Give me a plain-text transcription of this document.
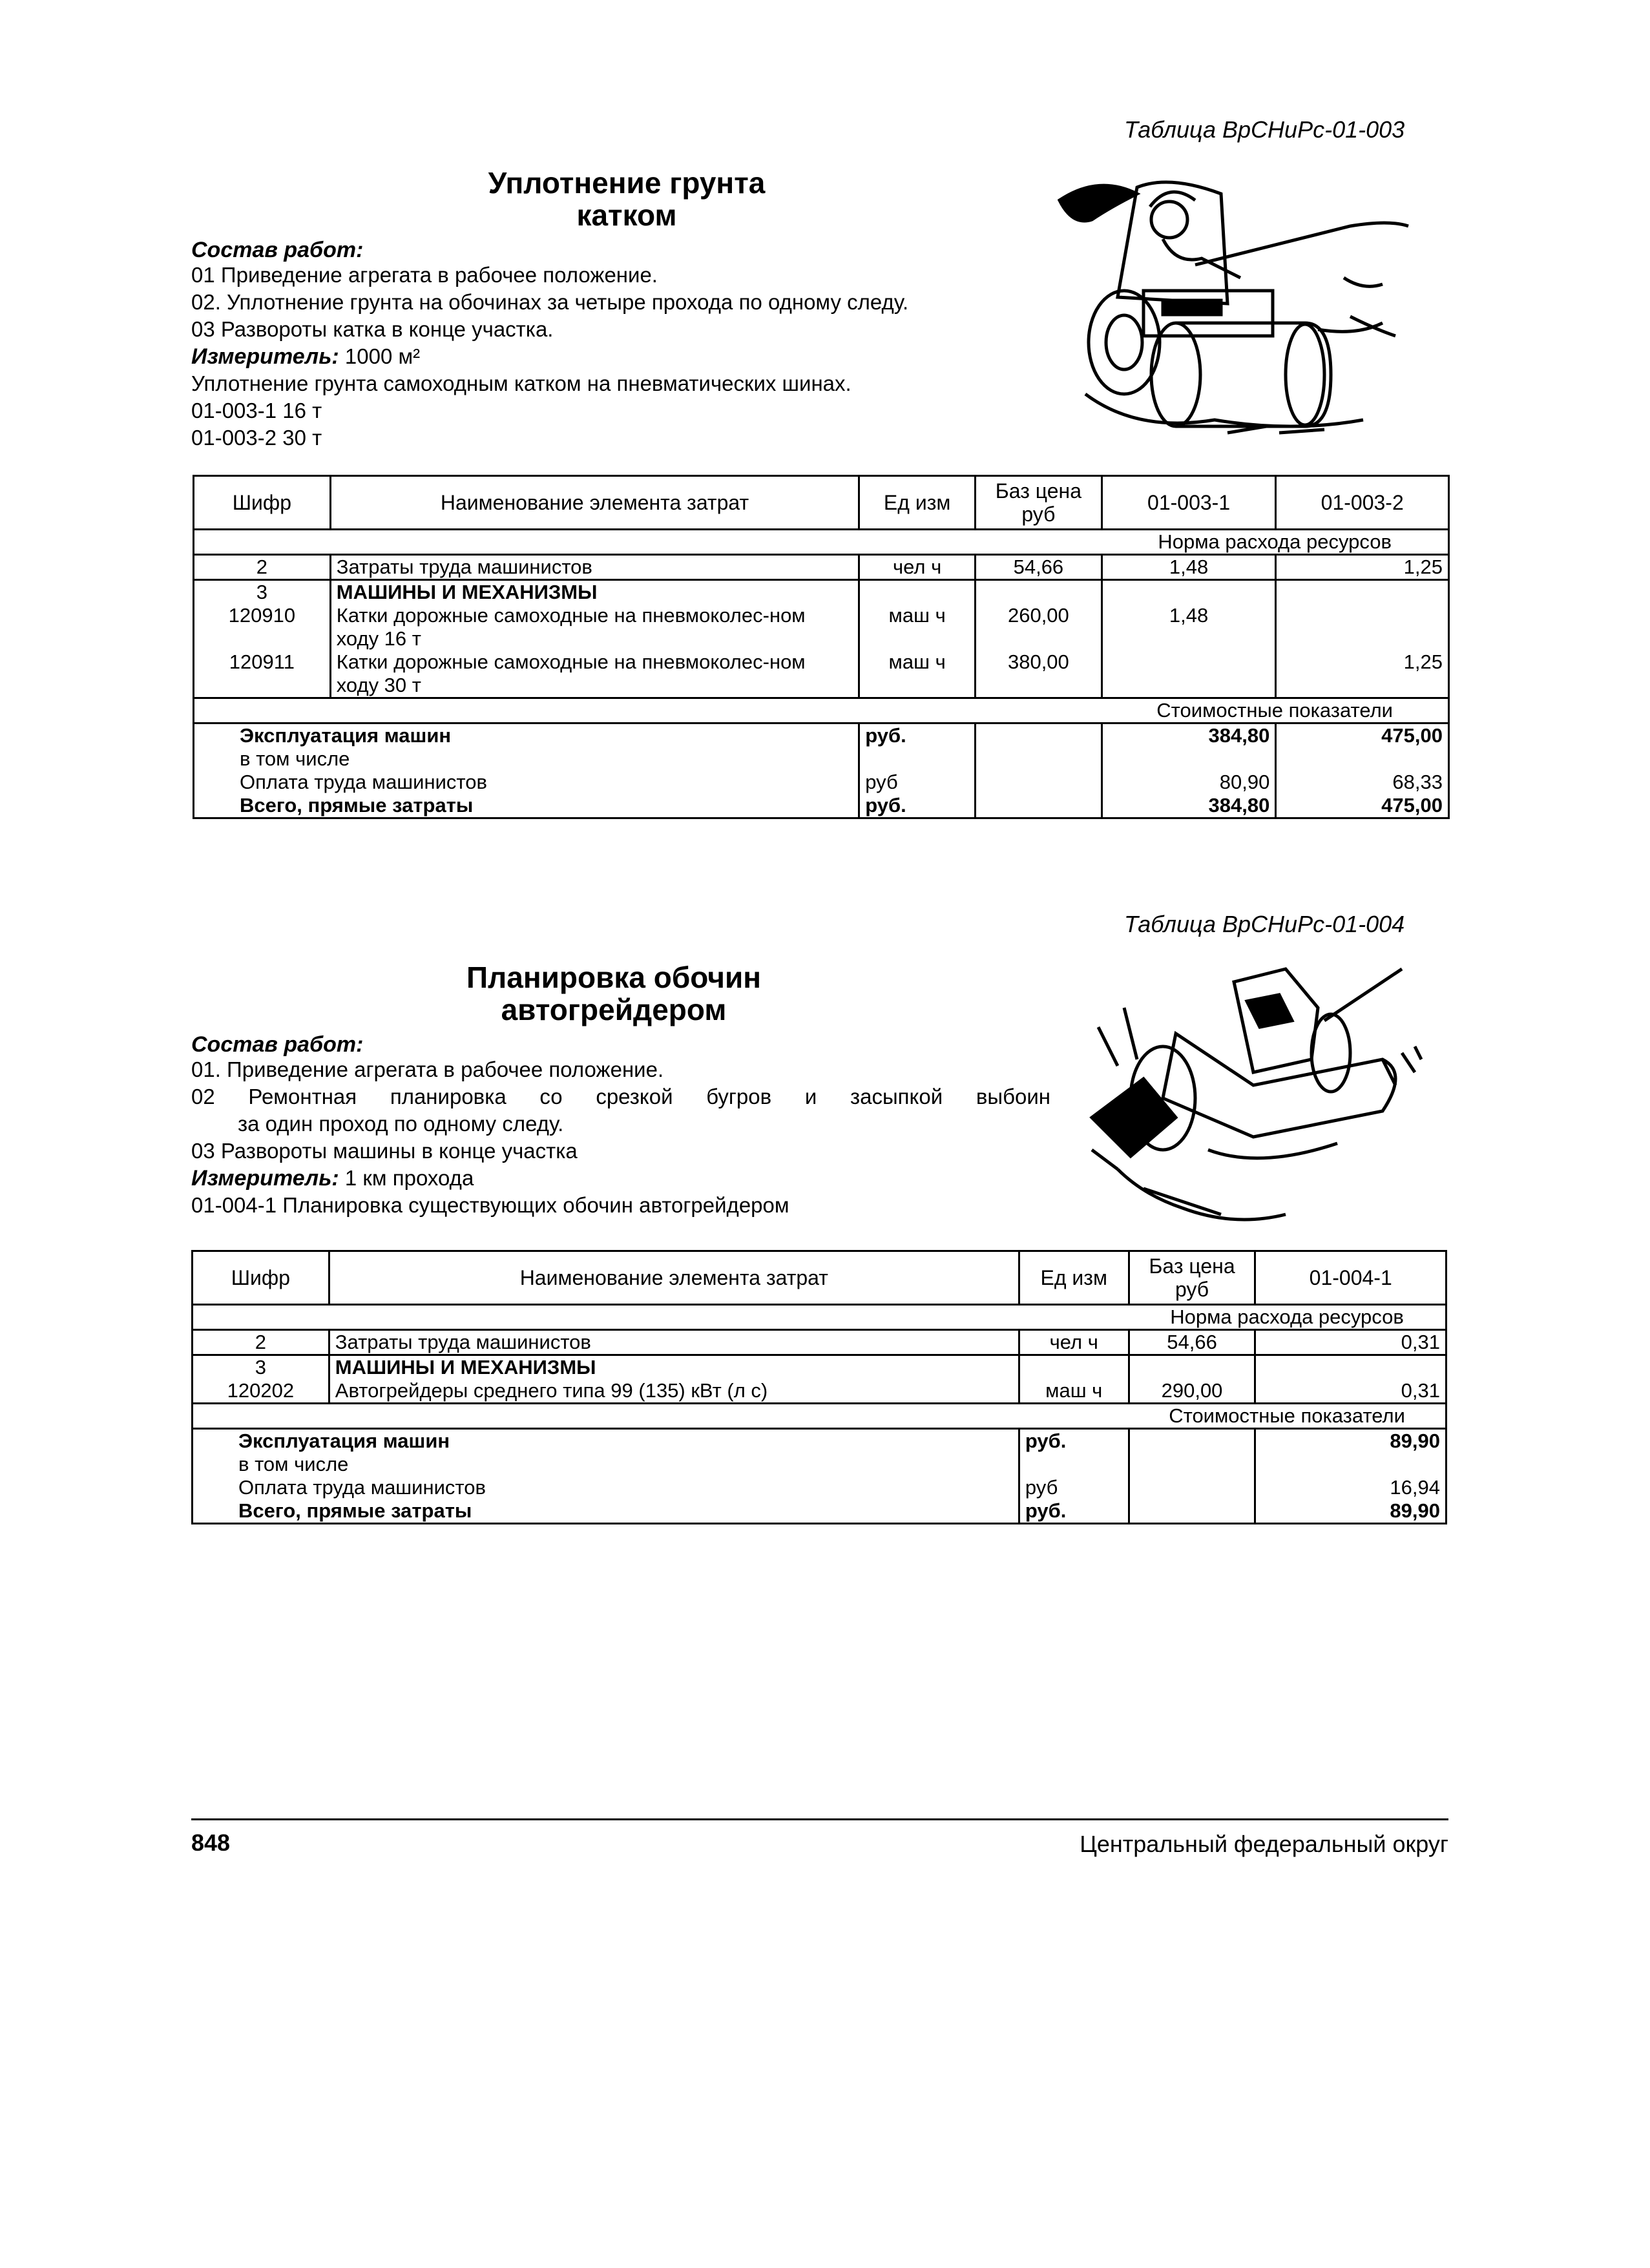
Таблица ВрСНиРс-01-003
Уплотнение грунта
катком
Состав работ:
01 Приведение агрегата в рабочее положение.
02. Уплотнение грунта на обочинах за четыре прохода по одному следу.
03 Развороты катка в конце участка.
Измеритель: 1000 м²
Уплотнение грунта самоходным катком на пневматических шинах.
01-003-1 16 т
01-003-2 30 т
Шифр	Наименование элемента затрат	Ед изм	Баз цена руб	01-003-1	01-003-2
				Норма расхода ресурсов	
2	Затраты труда машинистов	чел ч	54,66	1,48	1,25
3	МАШИНЫ И МЕХАНИЗМЫ				
120910	Катки дорожные самоходные на пневмоколес-ном ходу 16 т	маш ч	260,00	1,48	
120911	Катки дорожные самоходные на пневмоколес-ном ходу 30 т	маш ч	380,00		1,25
				Стоимостные показатели	
Эксплуатация машин		руб.		384,80	475,00
в том числе					
Оплата труда машинистов		руб		80,90	68,33
Всего, прямые затраты		руб.		384,80	475,00
Таблица ВрСНиРс-01-004
Планировка обочин
автогрейдером
Состав работ:
01. Приведение агрегата в рабочее положение.
02 Ремонтная планировка со срезкой бугров и засыпкой выбоин
за один проход по одному следу.
03 Развороты машины в конце участка
Измеритель: 1 км прохода
01-004-1 Планировка существующих обочин автогрейдером
Шифр	Наименование элемента затрат	Ед изм	Баз цена руб	01-004-1
			Норма расхода ресурсов	
2	Затраты труда машинистов	чел ч	54,66	0,31
3	МАШИНЫ И МЕХАНИЗМЫ			
120202	Автогрейдеры среднего типа 99 (135) кВт (л с)	маш ч	290,00	0,31
			Стоимостные показатели	
Эксплуатация машин		руб.		89,90
в том числе				
Оплата труда машинистов		руб		16,94
Всего, прямые затраты		руб.		89,90
848	Центральный федеральный округ
